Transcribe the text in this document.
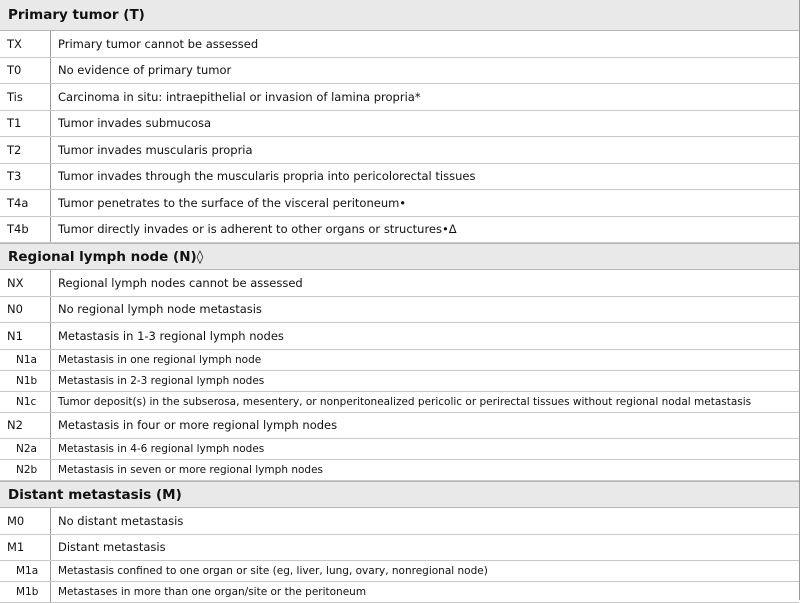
Primary tumor (T)
TX	Primary tumor cannot be assessed
T0	No evidence of primary tumor
Tis	Carcinoma in situ: intraepithelial or invasion of lamina propria*
T1	Tumor invades submucosa
T2	Tumor invades muscularis propria
T3	Tumor invades through the muscularis propria into pericolorectal tissues
T4a	Tumor penetrates to the surface of the visceral peritoneum•
T4b	Tumor directly invades or is adherent to other organs or structures•Δ
Regional lymph node (N)◊
NX	Regional lymph nodes cannot be assessed
N0	No regional lymph node metastasis
N1	Metastasis in 1-3 regional lymph nodes
N1a	Metastasis in one regional lymph node
N1b	Metastasis in 2-3 regional lymph nodes
N1c	Tumor deposit(s) in the subserosa, mesentery, or nonperitonealized pericolic or perirectal tissues without regional nodal metastasis
N2	Metastasis in four or more regional lymph nodes
N2a	Metastasis in 4-6 regional lymph nodes
N2b	Metastasis in seven or more regional lymph nodes
Distant metastasis (M)
M0	No distant metastasis
M1	Distant metastasis
M1a	Metastasis confined to one organ or site (eg, liver, lung, ovary, nonregional node)
M1b	Metastases in more than one organ/site or the peritoneum
